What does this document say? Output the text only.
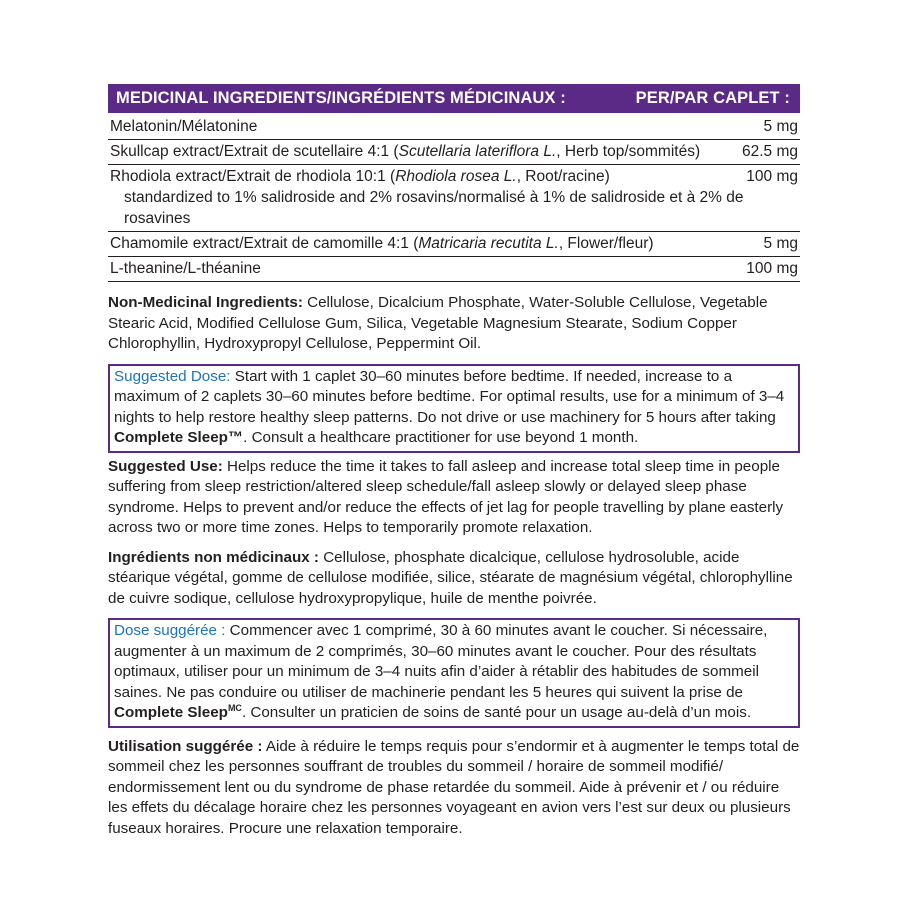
MEDICINAL INGREDIENTS/INGRÉDIENTS MÉDICINAUX :	PER/PAR CAPLET :
Melatonin/Mélatonine	5 mg
Skullcap extract/Extrait de scutellaire 4:1 (Scutellaria lateriflora L., Herb top/sommités)	62.5 mg
Rhodiola extract/Extrait de rhodiola 10:1 (Rhodiola rosea L., Root/racine)	100 mg
standardized to 1% salidroside and 2% rosavins/normalisé à 1% de salidroside et à 2% de rosavines
Chamomile extract/Extrait de camomille 4:1 (Matricaria recutita L., Flower/fleur)	5 mg
L-theanine/L-théanine	100 mg
Non-Medicinal Ingredients: Cellulose, Dicalcium Phosphate, Water-Soluble Cellulose, Vegetable Stearic Acid, Modified Cellulose Gum, Silica, Vegetable Magnesium Stearate, Sodium Copper Chlorophyllin, Hydroxypropyl Cellulose, Peppermint Oil.
Suggested Dose: Start with 1 caplet 30–60 minutes before bedtime. If needed, increase to a maximum of 2 caplets 30–60 minutes before bedtime. For optimal results, use for a minimum of 3–4 nights to help restore healthy sleep patterns. Do not drive or use machinery for 5 hours after taking Complete Sleep™. Consult a healthcare practitioner for use beyond 1 month.
Suggested Use: Helps reduce the time it takes to fall asleep and increase total sleep time in people suffering from sleep restriction/altered sleep schedule/fall asleep slowly or delayed sleep phase syndrome. Helps to prevent and/or reduce the effects of jet lag for people travelling by plane easterly across two or more time zones. Helps to temporarily promote relaxation.
Ingrédients non médicinaux : Cellulose, phosphate dicalcique, cellulose hydrosoluble, acide stéarique végétal, gomme de cellulose modifiée, silice, stéarate de magnésium végétal, chlorophylline de cuivre sodique, cellulose hydroxypropylique, huile de menthe poivrée.
Dose suggérée : Commencer avec 1 comprimé, 30 à 60 minutes avant le coucher. Si nécessaire, augmenter à un maximum de 2 comprimés, 30–60 minutes avant le coucher. Pour des résultats optimaux, utiliser pour un minimum de 3–4 nuits afin d’aider à rétablir des habitudes de sommeil saines. Ne pas conduire ou utiliser de machinerie pendant les 5 heures qui suivent la prise de Complete Sleep$^{MC}$. Consulter un praticien de soins de santé pour un usage au-delà d’un mois.
Utilisation suggérée : Aide à réduire le temps requis pour s’endormir et à augmenter le temps total de sommeil chez les personnes souffrant de troubles du sommeil / horaire de sommeil modifié/ endormissement lent ou du syndrome de phase retardée du sommeil. Aide à prévenir et / ou réduire les effets du décalage horaire chez les personnes voyageant en avion vers l’est sur deux ou plusieurs fuseaux horaires. Procure une relaxation temporaire.
